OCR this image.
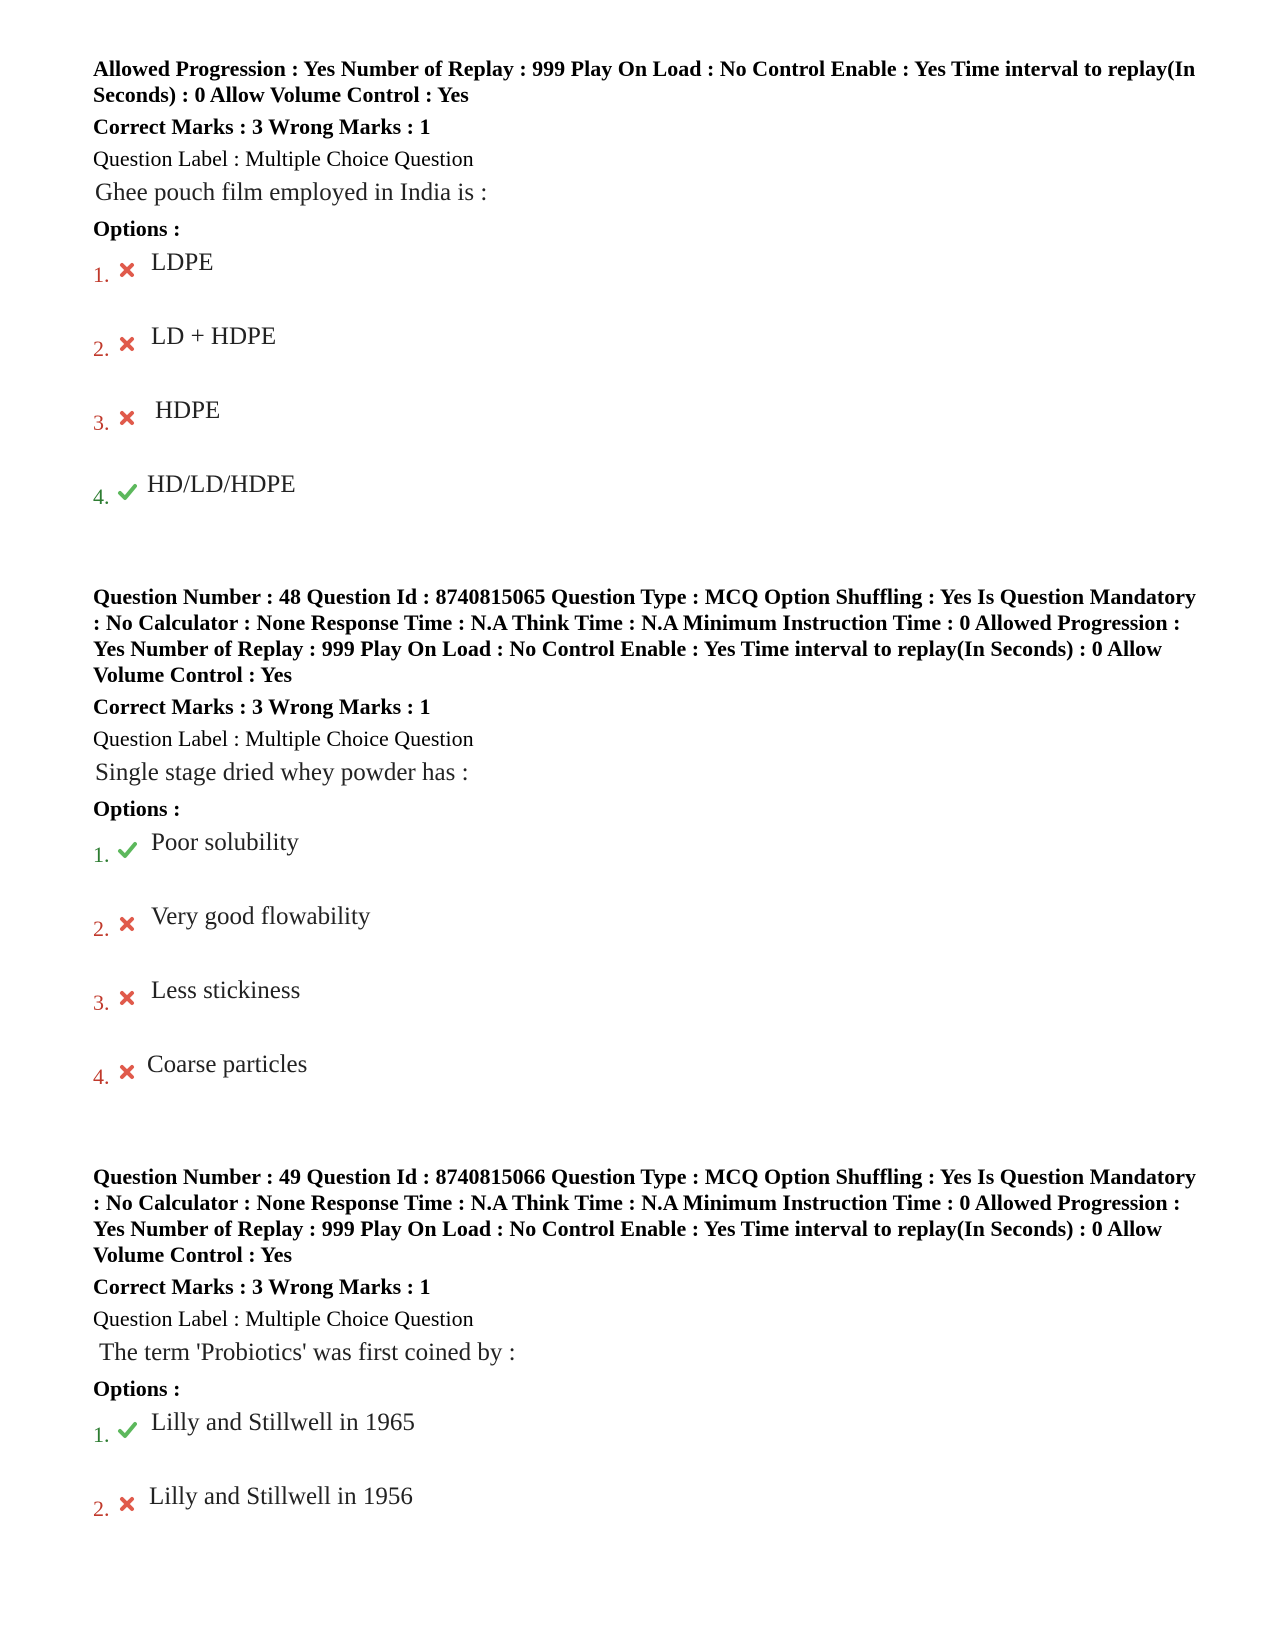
Allowed Progression : Yes Number of Replay : 999 Play On Load : No Control Enable : Yes Time interval to replay(In Seconds) : 0 Allow Volume Control : Yes

Correct Marks : 3 Wrong Marks : 1
Question Label : Multiple Choice Question
Ghee pouch film employed in India is :
Options :
1. LDPE
2. LD + HDPE
3. HDPE
4. HD/LD/HDPE

Question Number : 48 Question Id : 8740815065 Question Type : MCQ Option Shuffling : Yes Is Question Mandatory : No Calculator : None Response Time : N.A Think Time : N.A Minimum Instruction Time : 0 Allowed Progression : Yes Number of Replay : 999 Play On Load : No Control Enable : Yes Time interval to replay(In Seconds) : 0 Allow Volume Control : Yes

Correct Marks : 3 Wrong Marks : 1
Question Label : Multiple Choice Question
Single stage dried whey powder has :
Options :
1. Poor solubility
2. Very good flowability
3. Less stickiness
4. Coarse particles

Question Number : 49 Question Id : 8740815066 Question Type : MCQ Option Shuffling : Yes Is Question Mandatory : No Calculator : None Response Time : N.A Think Time : N.A Minimum Instruction Time : 0 Allowed Progression : Yes Number of Replay : 999 Play On Load : No Control Enable : Yes Time interval to replay(In Seconds) : 0 Allow Volume Control : Yes

Correct Marks : 3 Wrong Marks : 1
Question Label : Multiple Choice Question
The term 'Probiotics' was first coined by :
Options :
1. Lilly and Stillwell in 1965
2. Lilly and Stillwell in 1956
